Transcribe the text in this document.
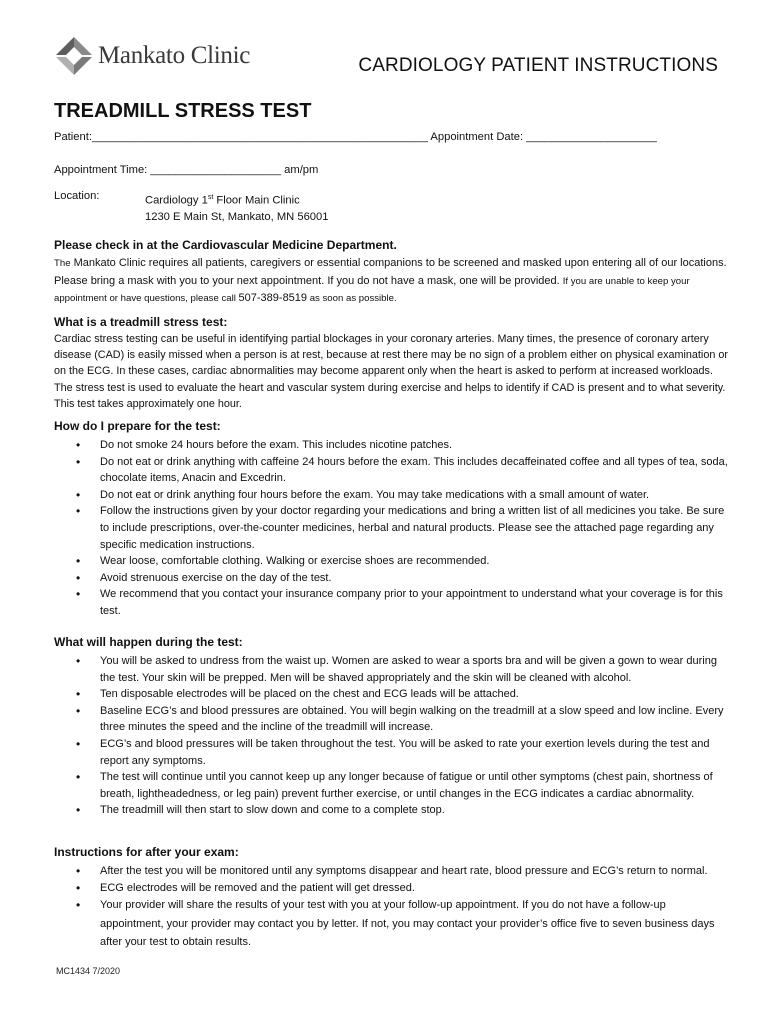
Mankato Clinic	CARDIOLOGY PATIENT INSTRUCTIONS
TREADMILL STRESS TEST
Patient:______________________________________________________ Appointment Date: _____________________
Appointment Time: _____________________ am/pm
Location:	Cardiology 1st Floor Main Clinic
1230 E Main St, Mankato, MN 56001
Please check in at the Cardiovascular Medicine Department.
The Mankato Clinic requires all patients, caregivers or essential companions to be screened and masked upon entering all of our locations. Please bring a mask with you to your next appointment. If you do not have a mask, one will be provided. If you are unable to keep your appointment or have questions, please call 507-389-8519 as soon as possible.
What is a treadmill stress test:
Cardiac stress testing can be useful in identifying partial blockages in your coronary arteries. Many times, the presence of coronary artery disease (CAD) is easily missed when a person is at rest, because at rest there may be no sign of a problem either on physical examination or on the ECG. In these cases, cardiac abnormalities may become apparent only when the heart is asked to perform at increased workloads. The stress test is used to evaluate the heart and vascular system during exercise and helps to identify if CAD is present and to what severity. This test takes approximately one hour.
How do I prepare for the test:
• Do not smoke 24 hours before the exam. This includes nicotine patches.
• Do not eat or drink anything with caffeine 24 hours before the exam. This includes decaffeinated coffee and all types of tea, soda, chocolate items, Anacin and Excedrin.
• Do not eat or drink anything four hours before the exam. You may take medications with a small amount of water.
• Follow the instructions given by your doctor regarding your medications and bring a written list of all medicines you take. Be sure to include prescriptions, over-the-counter medicines, herbal and natural products. Please see the attached page regarding any specific medication instructions.
• Wear loose, comfortable clothing. Walking or exercise shoes are recommended.
• Avoid strenuous exercise on the day of the test.
• We recommend that you contact your insurance company prior to your appointment to understand what your coverage is for this test.
What will happen during the test:
• You will be asked to undress from the waist up. Women are asked to wear a sports bra and will be given a gown to wear during the test. Your skin will be prepped. Men will be shaved appropriately and the skin will be cleaned with alcohol.
• Ten disposable electrodes will be placed on the chest and ECG leads will be attached.
• Baseline ECG’s and blood pressures are obtained. You will begin walking on the treadmill at a slow speed and low incline. Every three minutes the speed and the incline of the treadmill will increase.
• ECG’s and blood pressures will be taken throughout the test. You will be asked to rate your exertion levels during the test and report any symptoms.
• The test will continue until you cannot keep up any longer because of fatigue or until other symptoms (chest pain, shortness of breath, lightheadedness, or leg pain) prevent further exercise, or until changes in the ECG indicates a cardiac abnormality.
• The treadmill will then start to slow down and come to a complete stop.
Instructions for after your exam:
• After the test you will be monitored until any symptoms disappear and heart rate, blood pressure and ECG’s return to normal.
• ECG electrodes will be removed and the patient will get dressed.
• Your provider will share the results of your test with you at your follow-up appointment. If you do not have a follow-up appointment, your provider may contact you by letter. If not, you may contact your provider’s office five to seven business days after your test to obtain results.
MC1434 7/2020
